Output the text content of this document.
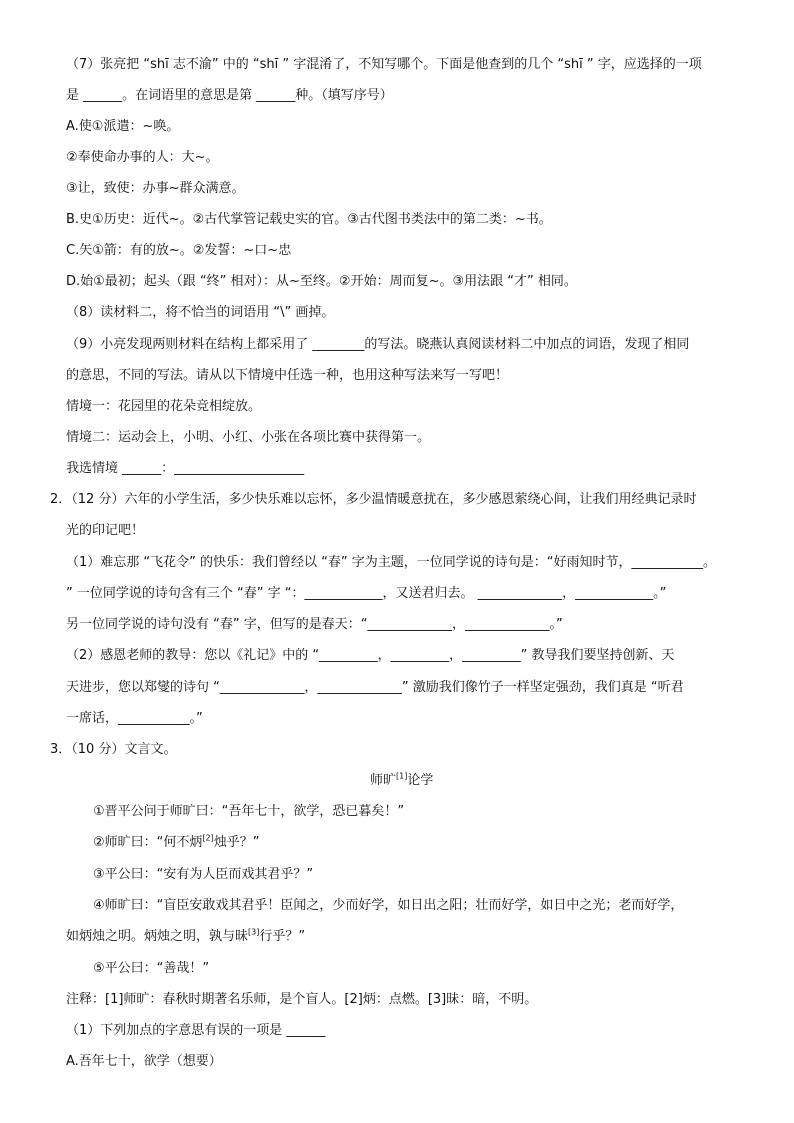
（7）张亮把 “shī 志不渝” 中的 “shī ” 字混淆了，不知写哪个。下面是他查到的几个 “shī ” 字，应选择的一项
是 ______。在词语里的意思是第 ______种。（填写序号）
A.使①派遣：~唤。
②奉使命办事的人：大~。
③让，致使：办事~群众满意。
B.史①历史：近代~。②古代掌管记载史实的官。③古代图书类法中的第二类：~书。
C.矢①箭：有的放~。②发誓：~口~忠
D.始①最初；起头（跟 “终” 相对）：从~至终。②开始：周而复~。③用法跟 “才” 相同。
（8）读材料二，将不恰当的词语用 “\” 画掉。
（9）小亮发现两则材料在结构上都采用了 ________的写法。晓燕认真阅读材料二中加点的词语，发现了相同
的意思，不同的写法。请从以下情境中任选一种，也用这种写法来写一写吧！
情境一：花园里的花朵竞相绽放。
情境二：运动会上，小明、小红、小张在各项比赛中获得第一。
我选情境 ______：____________________
2．（12 分）六年的小学生活，多少快乐难以忘怀，多少温情暖意扰在，多少感恩萦绕心间，让我们用经典记录时
光的印记吧！
（1）难忘那 “飞花令” 的快乐：我们曾经以 “春” 字为主题，一位同学说的诗句是：“好雨知时节，___________。
” 一位同学说的诗句含有三个 “春” 字 “：____________，又送君归去。 _____________，____________。”
另一位同学说的诗句没有 “春” 字，但写的是春天：“_____________，_____________。”
（2）感恩老师的教导：您以《礼记》中的 “_________，_________，_________” 教导我们要坚持创新、天
天进步，您以郑燮的诗句 “_____________，_____________” 激励我们像竹子一样坚定强劲，我们真是 “听君
一席话，___________。”
3．（10 分）文言文。
师旷[1]论学
①晋平公问于师旷曰：“吾年七十，欲学，恐已暮矣！”
②师旷曰：“何不炳[2]烛乎？”
③平公曰：“安有为人臣而戏其君乎？”
④师旷曰：“盲臣安敢戏其君乎！臣闻之，少而好学，如日出之阳；壮而好学，如日中之光；老而好学，
如炳烛之明。炳烛之明，孰与昧[3]行乎？”
⑤平公曰：“善哉！”
注释：[1]师旷：春秋时期著名乐师，是个盲人。[2]炳：点燃。[3]昧：暗，不明。
（1）下列加点的字意思有误的一项是 ______
A.吾年七十，欲学（想要）
